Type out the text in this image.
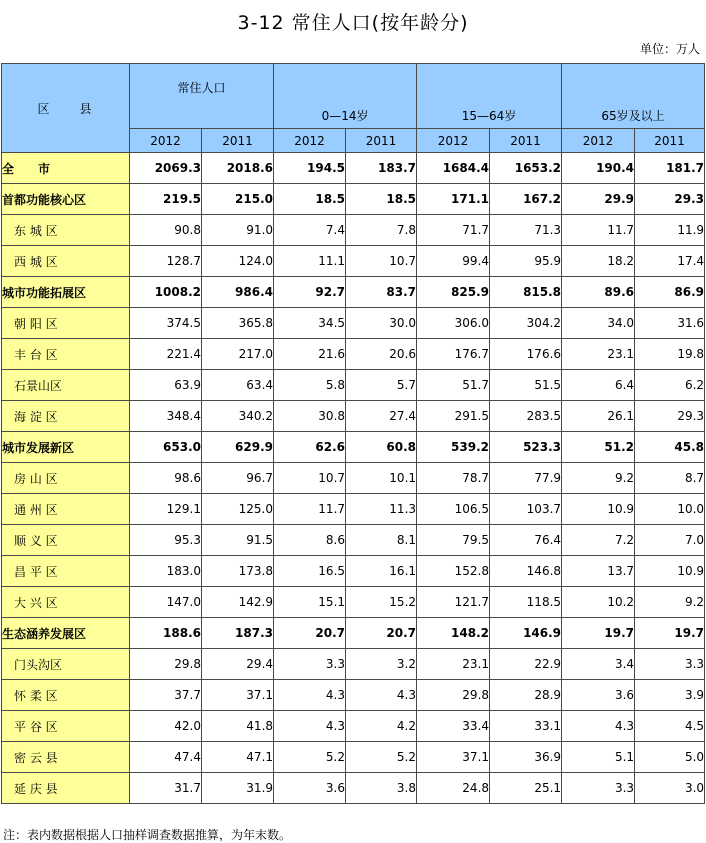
3-12 常住人口(按年龄分)
单位：万人
区　　县	常住人口		0—14岁		15—64岁		65岁及以上	
	2012	2011	2012	2011	2012	2011	2012	2011
全　　市	2069.3	2018.6	194.5	183.7	1684.4	1653.2	190.4	181.7
首都功能核心区	219.5	215.0	18.5	18.5	171.1	167.2	29.9	29.3
　东 城 区	90.8	91.0	7.4	7.8	71.7	71.3	11.7	11.9
　西 城 区	128.7	124.0	11.1	10.7	99.4	95.9	18.2	17.4
城市功能拓展区	1008.2	986.4	92.7	83.7	825.9	815.8	89.6	86.9
　朝 阳 区	374.5	365.8	34.5	30.0	306.0	304.2	34.0	31.6
　丰 台 区	221.4	217.0	21.6	20.6	176.7	176.6	23.1	19.8
　石景山区	63.9	63.4	5.8	5.7	51.7	51.5	6.4	6.2
　海 淀 区	348.4	340.2	30.8	27.4	291.5	283.5	26.1	29.3
城市发展新区	653.0	629.9	62.6	60.8	539.2	523.3	51.2	45.8
　房 山 区	98.6	96.7	10.7	10.1	78.7	77.9	9.2	8.7
　通 州 区	129.1	125.0	11.7	11.3	106.5	103.7	10.9	10.0
　顺 义 区	95.3	91.5	8.6	8.1	79.5	76.4	7.2	7.0
　昌 平 区	183.0	173.8	16.5	16.1	152.8	146.8	13.7	10.9
　大 兴 区	147.0	142.9	15.1	15.2	121.7	118.5	10.2	9.2
生态涵养发展区	188.6	187.3	20.7	20.7	148.2	146.9	19.7	19.7
　门头沟区	29.8	29.4	3.3	3.2	23.1	22.9	3.4	3.3
　怀 柔 区	37.7	37.1	4.3	4.3	29.8	28.9	3.6	3.9
　平 谷 区	42.0	41.8	4.3	4.2	33.4	33.1	4.3	4.5
　密 云 县	47.4	47.1	5.2	5.2	37.1	36.9	5.1	5.0
　延 庆 县	31.7	31.9	3.6	3.8	24.8	25.1	3.3	3.0
注：表内数据根据人口抽样调查数据推算，为年末数。
